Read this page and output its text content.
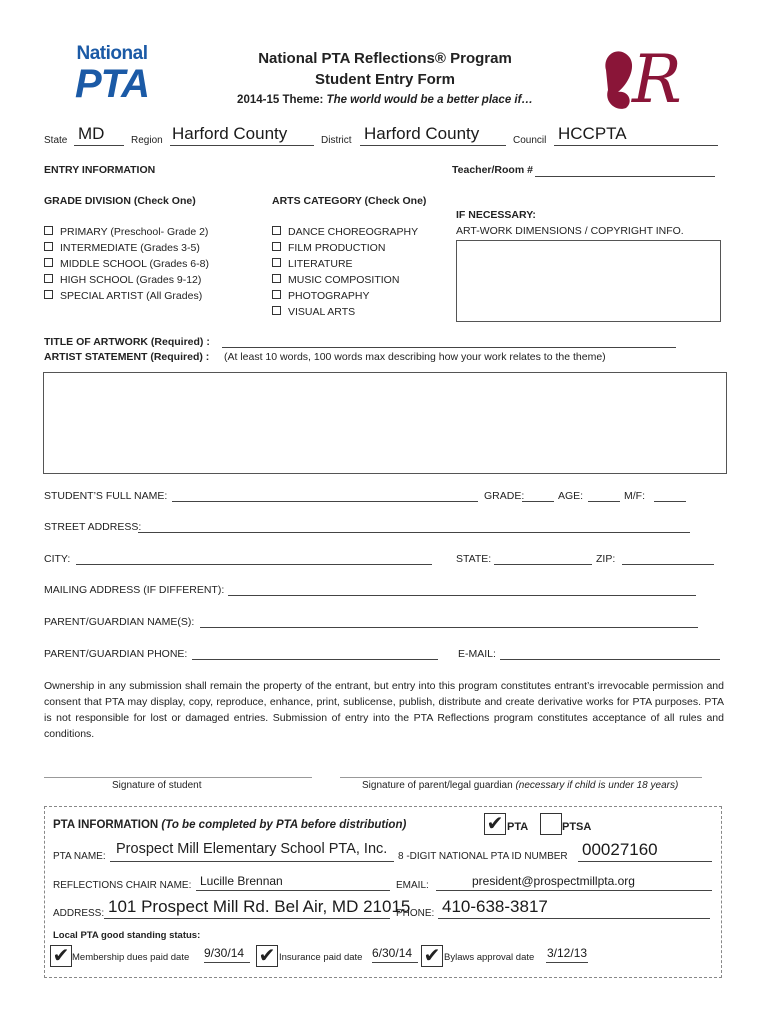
National
PTA
National PTA Reflections® Program
Student Entry Form
2014-15 Theme: The world would be a better place if…	R
State MD	Region Harford County	District Harford County	Council HCCPTA
ENTRY INFORMATION	Teacher/Room #
GRADE DIVISION (Check One)	ARTS CATEGORY (Check One)
PRIMARY (Preschool- Grade 2)
INTERMEDIATE (Grades 3-5)
MIDDLE SCHOOL (Grades 6-8)
HIGH SCHOOL (Grades 9-12)
SPECIAL ARTIST (All Grades)
DANCE CHOREOGRAPHY
FILM PRODUCTION
LITERATURE
MUSIC COMPOSITION
PHOTOGRAPHY
VISUAL ARTS
IF NECESSARY:
ART-WORK DIMENSIONS / COPYRIGHT INFO.
TITLE OF ARTWORK (Required) :
ARTIST STATEMENT (Required) : (At least 10 words, 100 words max describing how your work relates to the theme)
STUDENT’S FULL NAME:	GRADE:	AGE:	M/F:
STREET ADDRESS:
CITY:	STATE:	ZIP:
MAILING ADDRESS (IF DIFFERENT):
PARENT/GUARDIAN NAME(S):
PARENT/GUARDIAN PHONE:	E-MAIL:
Ownership in any submission shall remain the property of the entrant, but entry into this program constitutes entrant’s irrevocable permission and consent that PTA may display, copy, reproduce, enhance, print, sublicense, publish, distribute and create derivative works for PTA purposes. PTA is not responsible for lost or damaged entries. Submission of entry into the PTA Reflections program constitutes acceptance of all rules and conditions.
Signature of student	Signature of parent/legal guardian (necessary if child is under 18 years)
PTA INFORMATION (To be completed by PTA before distribution)	✔ PTA	PTSA
PTA NAME: Prospect Mill Elementary School PTA, Inc. 8 -DIGIT NATIONAL PTA ID NUMBER 00027160
REFLECTIONS CHAIR NAME: Lucille Brennan	EMAIL:	president@prospectmillpta.org
ADDRESS: 101 Prospect Mill Rd. Bel Air, MD 21015
PHONE: 410-638-3817
Local PTA good standing status:
✔ Membership dues paid date 9/30/14 ✔ Insurance paid date 6/30/14 ✔ Bylaws approval date 3/12/13
